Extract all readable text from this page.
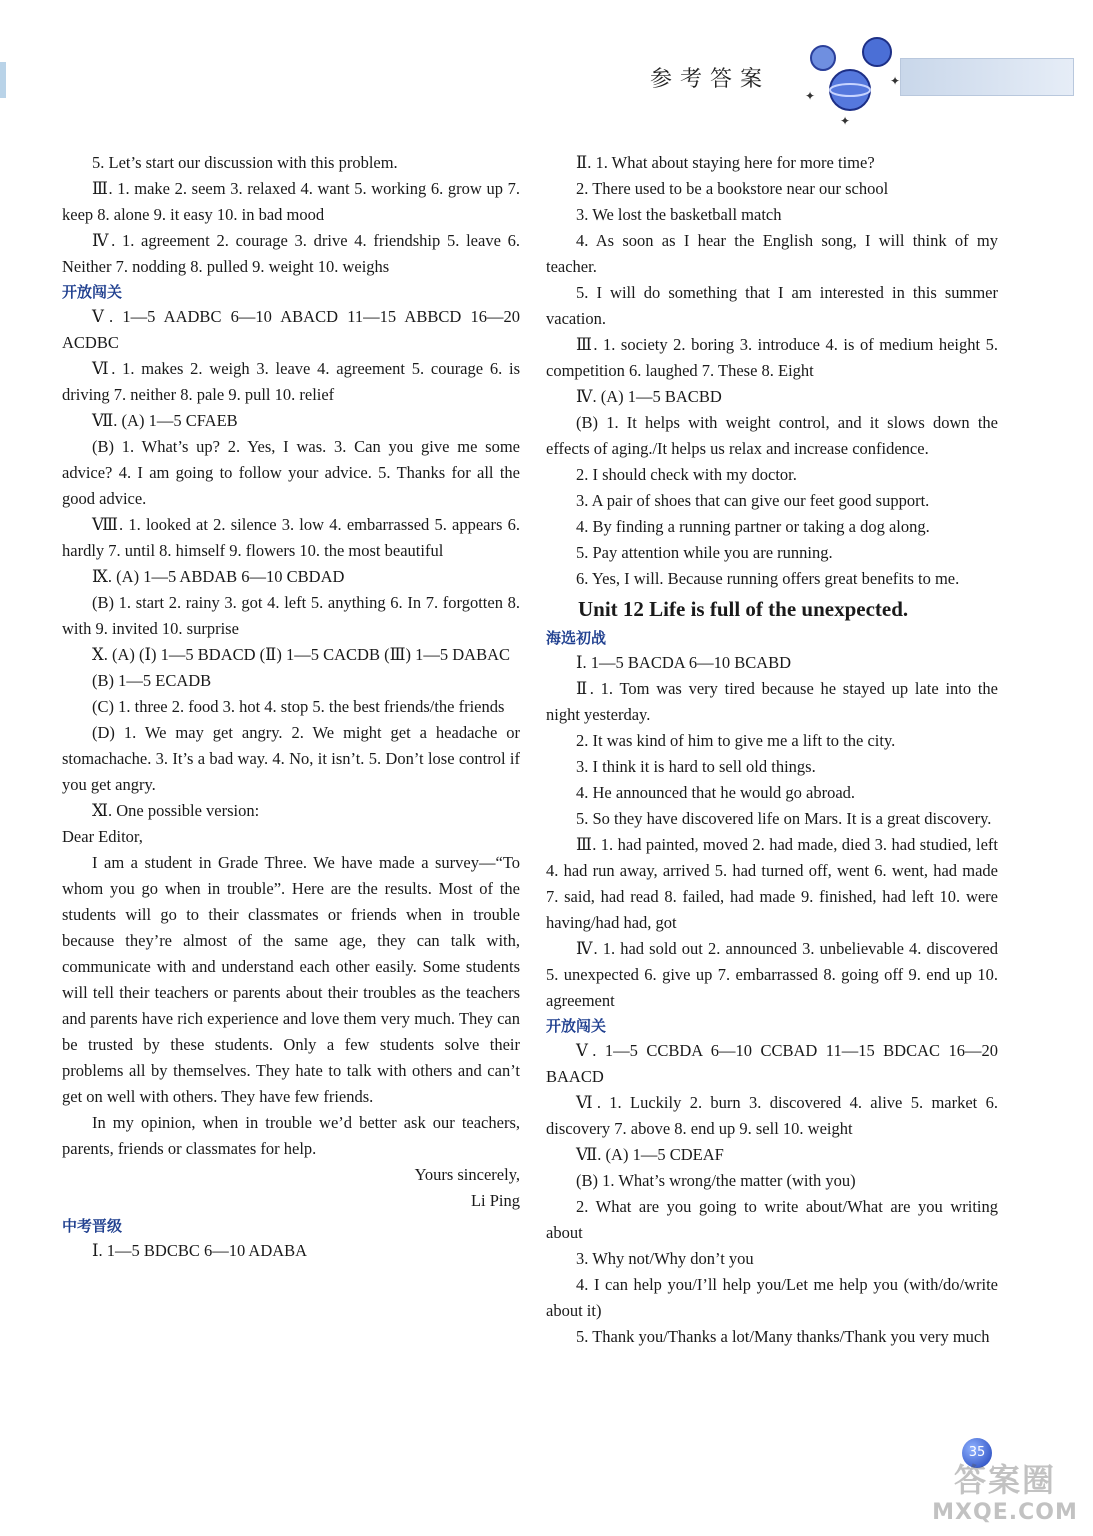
参考答案
✦
✦
✦

5. Let’s start our discussion with this problem.

Ⅲ. 1. make 2. seem 3. relaxed 4. want 5. working 6. grow up 7. keep 8. alone 9. it easy 10. in bad mood

Ⅳ. 1. agreement 2. courage 3. drive 4. friendship 5. leave 6. Neither 7. nodding 8. pulled 9. weight 10. weighs

开放闯关

Ⅴ. 1—5 AADBC 6—10 ABACD 11—15 ABBCD 16—20 ACDBC

Ⅵ. 1. makes 2. weigh 3. leave 4. agreement 5. courage 6. is driving 7. neither 8. pale 9. pull 10. relief

Ⅶ. (A) 1—5 CFAEB

(B) 1. What’s up? 2. Yes, I was. 3. Can you give me some advice? 4. I am going to follow your advice. 5. Thanks for all the good advice.

Ⅷ. 1. looked at 2. silence 3. low 4. embarrassed 5. appears 6. hardly 7. until 8. himself 9. flowers 10. the most beautiful

Ⅸ. (A) 1—5 ABDAB 6—10 CBDAD

(B) 1. start 2. rainy 3. got 4. left 5. anything 6. In 7. forgotten 8. with 9. invited 10. surprise

Ⅹ. (A) (Ⅰ) 1—5 BDACD (Ⅱ) 1—5 CACDB (Ⅲ) 1—5 DABAC

(B) 1—5 ECADB

(C) 1. three 2. food 3. hot 4. stop 5. the best friends/the friends

(D) 1. We may get angry. 2. We might get a headache or stomachache. 3. It’s a bad way. 4. No, it isn’t. 5. Don’t lose control if you get angry.

Ⅺ. One possible version:

Dear Editor,

I am a student in Grade Three. We have made a survey—“To whom you go when in trouble”. Here are the results. Most of the students will go to their classmates or friends when in trouble because they’re almost of the same age, they can talk with, communicate with and understand each other easily. Some students will tell their teachers or parents about their troubles as the teachers and parents have rich experience and love them very much. They can be trusted by these students. Only a few students solve their problems all by themselves. They hate to talk with others and can’t get on well with others. They have few friends.

In my opinion, when in trouble we’d better ask our teachers, parents, friends or classmates for help.

Yours sincerely,

Li Ping

中考晋级

Ⅰ. 1—5 BDCBC 6—10 ADABA

Ⅱ. 1. What about staying here for more time?

2. There used to be a bookstore near our school

3. We lost the basketball match

4. As soon as I hear the English song, I will think of my teacher.

5. I will do something that I am interested in this summer vacation.

Ⅲ. 1. society 2. boring 3. introduce 4. is of medium height 5. competition 6. laughed 7. These 8. Eight

Ⅳ. (A) 1—5 BACBD

(B) 1. It helps with weight control, and it slows down the effects of aging./It helps us relax and increase confidence.

2. I should check with my doctor.

3. A pair of shoes that can give our feet good support.

4. By finding a running partner or taking a dog along.

5. Pay attention while you are running.

6. Yes, I will. Because running offers great benefits to me.

Unit 12 Life is full of the unexpected.

海选初战

Ⅰ. 1—5 BACDA 6—10 BCABD

Ⅱ. 1. Tom was very tired because he stayed up late into the night yesterday.

2. It was kind of him to give me a lift to the city.

3. I think it is hard to sell old things.

4. He announced that he would go abroad.

5. So they have discovered life on Mars. It is a great discovery.

Ⅲ. 1. had painted, moved 2. had made, died 3. had studied, left 4. had run away, arrived 5. had turned off, went 6. went, had made 7. said, had read 8. failed, had made 9. finished, had left 10. were having/had had, got

Ⅳ. 1. had sold out 2. announced 3. unbelievable 4. discovered 5. unexpected 6. give up 7. embarrassed 8. going off 9. end up 10. agreement

开放闯关

Ⅴ. 1—5 CCBDA 6—10 CCBAD 11—15 BDCAC 16—20 BAACD

Ⅵ. 1. Luckily 2. burn 3. discovered 4. alive 5. market 6. discovery 7. above 8. end up 9. sell 10. weight

Ⅶ. (A) 1—5 CDEAF

(B) 1. What’s wrong/the matter (with you)

2. What are you going to write about/What are you writing about

3. Why not/Why don’t you

4. I can help you/I’ll help you/Let me help you (with/do/write about it)

5. Thank you/Thanks a lot/Many thanks/Thank you very much

35
答案圈
MXQE.COM
